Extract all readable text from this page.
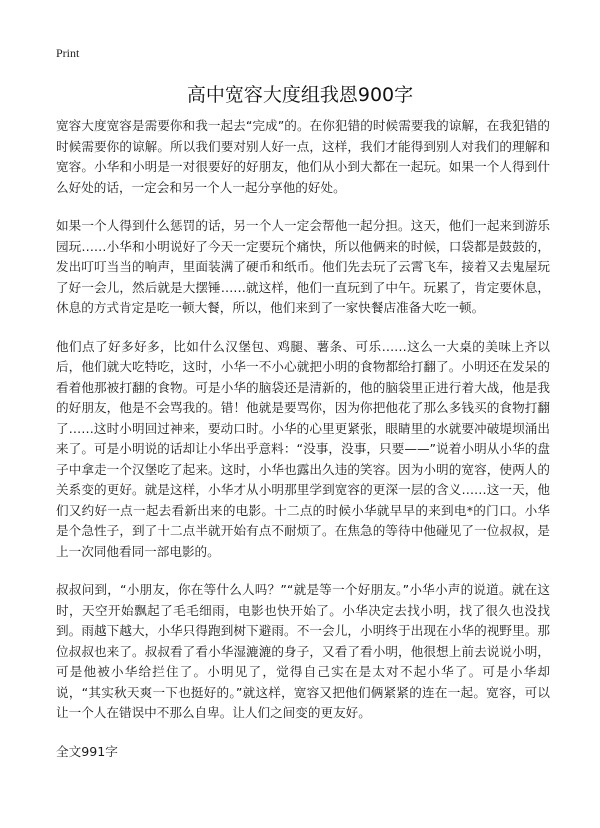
Print
高中宽容大度组我恩900字

宽容大度宽容是需要你和我一起去“完成”的。在你犯错的时候需要我的谅解，在我犯错的时候需要你的谅解。所以我们要对别人好一点，这样，我们才能得到别人对我们的理解和宽容。小华和小明是一对很要好的好朋友，他们从小到大都在一起玩。如果一个人得到什么好处的话，一定会和另一个人一起分享他的好处。

如果一个人得到什么惩罚的话，另一个人一定会帮他一起分担。这天，他们一起来到游乐园玩……小华和小明说好了今天一定要玩个痛快，所以他俩来的时候，口袋都是鼓鼓的，发出叮叮当当的响声，里面装满了硬币和纸币。他们先去玩了云霄飞车，接着又去鬼屋玩了好一会儿，然后就是大摆锤……就这样，他们一直玩到了中午。玩累了，肯定要休息，休息的方式肯定是吃一顿大餐，所以，他们来到了一家快餐店准备大吃一顿。

他们点了好多好多，比如什么汉堡包、鸡腿、薯条、可乐……这么一大桌的美味上齐以后，他们就大吃特吃，这时，小华一不小心就把小明的食物都给打翻了。小明还在发呆的看着他那被打翻的食物。可是小华的脑袋还是清新的，他的脑袋里正进行着大战，他是我的好朋友，他是不会骂我的。错！他就是要骂你，因为你把他花了那么多钱买的食物打翻了……这时小明回过神来，要动口时。小华的心里更紧张，眼睛里的水就要冲破堤坝涌出来了。可是小明说的话却让小华出乎意料：“没事，没事，只要——”说着小明从小华的盘子中拿走一个汉堡吃了起来。这时，小华也露出久违的笑容。因为小明的宽容，使两人的关系变的更好。就是这样，小华才从小明那里学到宽容的更深一层的含义……这一天，他们又约好一点一起去看新出来的电影。十二点的时候小华就早早的来到电*的门口。小华是个急性子，到了十二点半就开始有点不耐烦了。在焦急的等待中他碰见了一位叔叔，是上一次同他看同一部电影的。

叔叔问到，“小朋友，你在等什么人吗？”“就是等一个好朋友。”小华小声的说道。就在这时，天空开始飘起了毛毛细雨，电影也快开始了。小华决定去找小明，找了很久也没找到。雨越下越大，小华只得跑到树下避雨。不一会儿，小明终于出现在小华的视野里。那位叔叔也来了。叔叔看了看小华湿漉漉的身子，又看了看小明，他很想上前去说说小明，可是他被小华给拦住了。小明见了，觉得自己实在是太对不起小华了。可是小华却说，“其实秋天爽一下也挺好的。”就这样，宽容又把他们俩紧紧的连在一起。宽容，可以让一个人在错误中不那么自卑。让人们之间变的更友好。

全文991字
